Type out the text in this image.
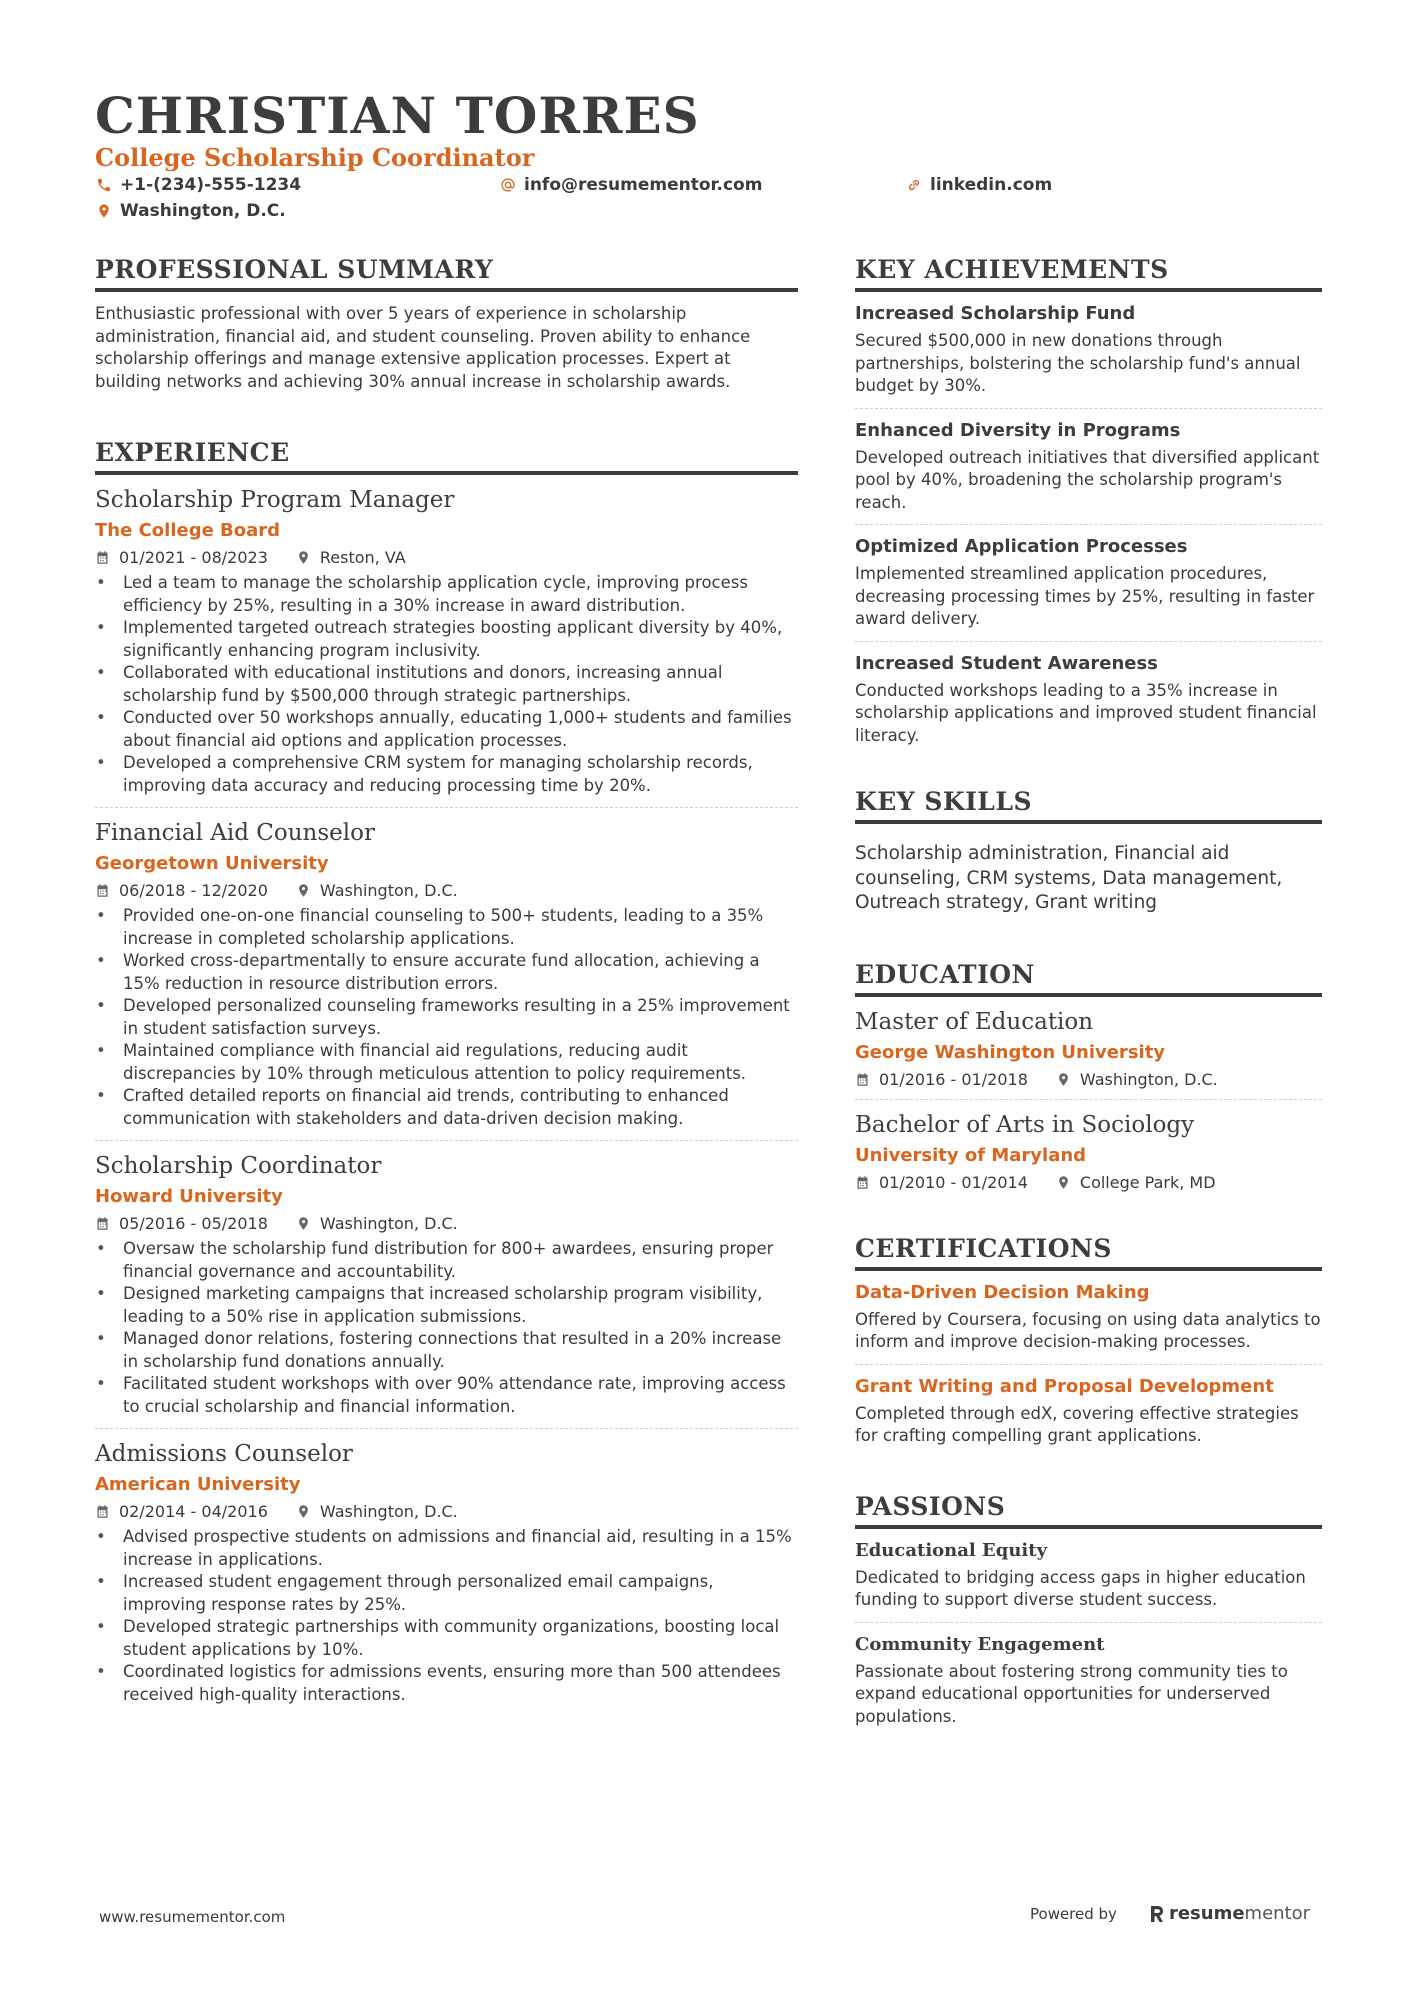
CHRISTIAN TORRES
College Scholarship Coordinator
+1-(234)-555-1234	info@resumementor.com	linkedin.com
Washington, D.C.
PROFESSIONAL SUMMARY
Enthusiastic professional with over 5 years of experience in scholarship administration, financial aid, and student counseling. Proven ability to enhance scholarship offerings and manage extensive application processes. Expert at building networks and achieving 30% annual increase in scholarship awards.
EXPERIENCE
Scholarship Program Manager
The College Board
01/2021 - 08/2023	Reston, VA
• Led a team to manage the scholarship application cycle, improving process efficiency by 25%, resulting in a 30% increase in award distribution.
• Implemented targeted outreach strategies boosting applicant diversity by 40%, significantly enhancing program inclusivity.
• Collaborated with educational institutions and donors, increasing annual scholarship fund by $500,000 through strategic partnerships.
• Conducted over 50 workshops annually, educating 1,000+ students and families about financial aid options and application processes.
• Developed a comprehensive CRM system for managing scholarship records, improving data accuracy and reducing processing time by 20%.
Financial Aid Counselor
Georgetown University
06/2018 - 12/2020	Washington, D.C.
• Provided one-on-one financial counseling to 500+ students, leading to a 35% increase in completed scholarship applications.
• Worked cross-departmentally to ensure accurate fund allocation, achieving a 15% reduction in resource distribution errors.
• Developed personalized counseling frameworks resulting in a 25% improvement in student satisfaction surveys.
• Maintained compliance with financial aid regulations, reducing audit discrepancies by 10% through meticulous attention to policy requirements.
• Crafted detailed reports on financial aid trends, contributing to enhanced communication with stakeholders and data-driven decision making.
Scholarship Coordinator
Howard University
05/2016 - 05/2018	Washington, D.C.
• Oversaw the scholarship fund distribution for 800+ awardees, ensuring proper financial governance and accountability.
• Designed marketing campaigns that increased scholarship program visibility, leading to a 50% rise in application submissions.
• Managed donor relations, fostering connections that resulted in a 20% increase in scholarship fund donations annually.
• Facilitated student workshops with over 90% attendance rate, improving access to crucial scholarship and financial information.
Admissions Counselor
American University
02/2014 - 04/2016	Washington, D.C.
• Advised prospective students on admissions and financial aid, resulting in a 15% increase in applications.
• Increased student engagement through personalized email campaigns, improving response rates by 25%.
• Developed strategic partnerships with community organizations, boosting local student applications by 10%.
• Coordinated logistics for admissions events, ensuring more than 500 attendees received high-quality interactions.
KEY ACHIEVEMENTS
Increased Scholarship Fund
Secured $500,000 in new donations through partnerships, bolstering the scholarship fund's annual budget by 30%.
Enhanced Diversity in Programs
Developed outreach initiatives that diversified applicant pool by 40%, broadening the scholarship program's reach.
Optimized Application Processes
Implemented streamlined application procedures, decreasing processing times by 25%, resulting in faster award delivery.
Increased Student Awareness
Conducted workshops leading to a 35% increase in scholarship applications and improved student financial literacy.
KEY SKILLS
Scholarship administration, Financial aid counseling, CRM systems, Data management, Outreach strategy, Grant writing
EDUCATION
Master of Education
George Washington University
01/2016 - 01/2018	Washington, D.C.
Bachelor of Arts in Sociology
University of Maryland
01/2010 - 01/2014	College Park, MD
CERTIFICATIONS
Data-Driven Decision Making
Offered by Coursera, focusing on using data analytics to inform and improve decision-making processes.
Grant Writing and Proposal Development
Completed through edX, covering effective strategies for crafting compelling grant applications.
PASSIONS
Educational Equity
Dedicated to bridging access gaps in higher education funding to support diverse student success.
Community Engagement
Passionate about fostering strong community ties to expand educational opportunities for underserved populations.
www.resumementor.com	Powered by	resume mentor
